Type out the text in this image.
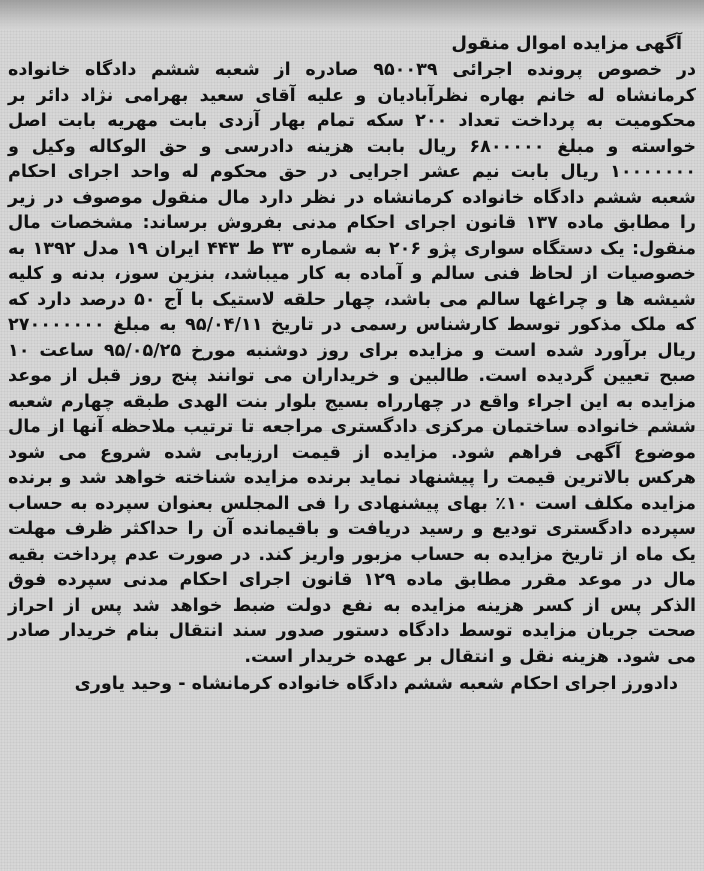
آگهی مزایده اموال منقول

در خصوص پرونده اجرائی ۹۵۰۰۳۹ صادره از شعبه ششم دادگاه خانواده کرمانشاه له خانم بهاره نظرآبادیان و علیه آقای سعید بهرامی نژاد دائر بر محکومیت به پرداخت تعداد ۲۰۰ سکه تمام بهار آزدی بابت مهریه بابت اصل خواسته و مبلغ ۶۸۰۰۰۰۰ ریال بابت هزینه دادرسی و حق الوکاله وکیل و ۱۰۰۰۰۰۰۰ ریال بابت نیم عشر اجرایی در حق محکوم له واحد اجرای احکام شعبه ششم دادگاه خانواده کرمانشاه در نظر دارد مال منقول موصوف در زیر را مطابق ماده ۱۳۷ قانون اجرای احکام مدنی بفروش برساند: مشخصات مال منقول: یک دستگاه سواری پژو ۲۰۶ به شماره ۳۳ ط ۴۴۳ ایران ۱۹ مدل ۱۳۹۲ به خصوصیات از لحاظ فنی سالم و آماده به کار میباشد، بنزین سوز، بدنه و کلیه شیشه ها و چراغها سالم می باشد، چهار حلقه لاستیک با آج ۵۰ درصد دارد که که ملک مذکور توسط کارشناس رسمی در تاریخ ۹۵/۰۴/۱۱ به مبلغ ۲۷۰۰۰۰۰۰۰ ریال برآورد شده است و مزایده برای روز دوشنبه مورخ ۹۵/۰۵/۲۵ ساعت ۱۰ صبح تعیین گردیده است. طالبین و خریداران می توانند پنج روز قبل از موعد مزایده به این اجراء واقع در چهارراه بسیج بلوار بنت الهدی طبقه چهارم شعبه ششم خانواده ساختمان مرکزی دادگستری مراجعه تا ترتیب ملاحظه آنها از مال موضوع آگهی فراهم شود. مزایده از قیمت ارزیابی شده شروع می شود هرکس بالاترین قیمت را پیشنهاد نماید برنده مزایده شناخته خواهد شد و برنده مزایده مکلف است ۱۰٪ بهای پیشنهادی را فی المجلس بعنوان سپرده به حساب سپرده دادگستری تودیع و رسید دریافت و باقیمانده آن را حداکثر ظرف مهلت یک ماه از تاریخ مزایده به حساب مزبور واریز کند. در صورت عدم پرداخت بقیه مال در موعد مقرر مطابق ماده ۱۲۹ قانون اجرای احکام مدنی سپرده فوق الذکر پس از کسر هزینه مزایده به نفع دولت ضبط خواهد شد پس از احراز صحت جریان مزایده توسط دادگاه دستور صدور سند انتقال بنام خریدار صادر می شود. هزینه نقل و انتقال بر عهده خریدار است.

دادورز اجرای احکام شعبه ششم دادگاه خانواده کرمانشاه - وحید یاوری
